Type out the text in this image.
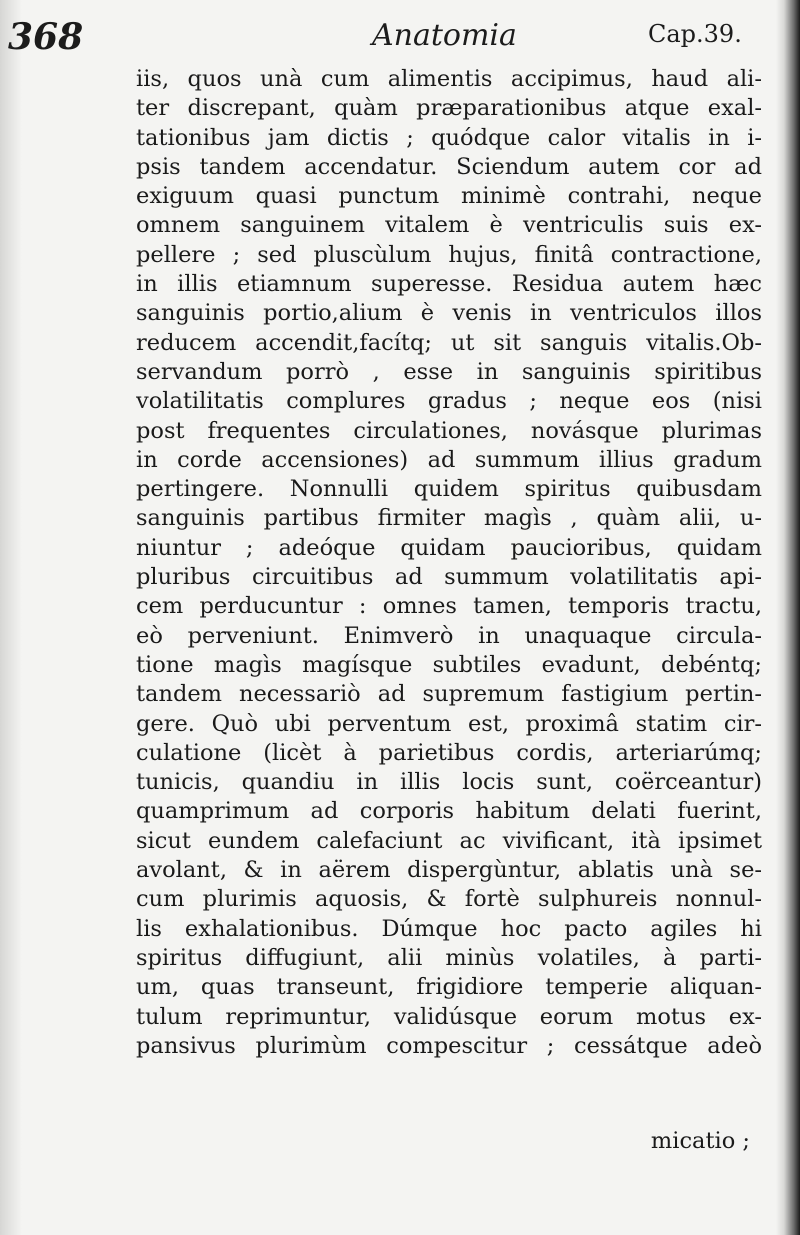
368	Anatomia	Cap.39.
iis, quos unà cum alimentis accipimus, haud ali-
ter discrepant, quàm præparationibus atque exal-
tationibus jam dictis ; quódque calor vitalis in i-
psis tandem accendatur. Sciendum autem cor ad
exiguum quasi punctum minimè contrahi, neque
omnem sanguinem vitalem è ventriculis suis ex-
pellere ; sed pluscùlum hujus, finitâ contractione,
in illis etiamnum superesse. Residua autem hæc
sanguinis portio,alium è venis in ventriculos illos
reducem accendit,facítq; ut sit sanguis vitalis.Ob-
servandum porrò , esse in sanguinis spiritibus
volatilitatis complures gradus ; neque eos (nisi
post frequentes circulationes, novásque plurimas
in corde accensiones) ad summum illius gradum
pertingere. Nonnulli quidem spiritus quibusdam
sanguinis partibus firmiter magìs , quàm alii, u-
niuntur ; adeóque quidam paucioribus, quidam
pluribus circuitibus ad summum volatilitatis api-
cem perducuntur : omnes tamen, temporis tractu,
eò perveniunt. Enimverò in unaquaque circula-
tione magìs magísque subtiles evadunt, debéntq;
tandem necessariò ad supremum fastigium pertin-
gere. Quò ubi perventum est, proximâ statim cir-
culatione (licèt à parietibus cordis, arteriarúmq;
tunicis, quandiu in illis locis sunt, coërceantur)
quamprimum ad corporis habitum delati fuerint,
sicut eundem calefaciunt ac vivificant, ità ipsimet
avolant, & in aërem dispergùntur, ablatis unà se-
cum plurimis aquosis, & fortè sulphureis nonnul-
lis exhalationibus. Dúmque hoc pacto agiles hi
spiritus diffugiunt, alii minùs volatiles, à parti-
um, quas transeunt, frigidiore temperie aliquan-
tulum reprimuntur, validúsque eorum motus ex-
pansivus plurimùm compescitur ; cessátque adeò
micatio ;
